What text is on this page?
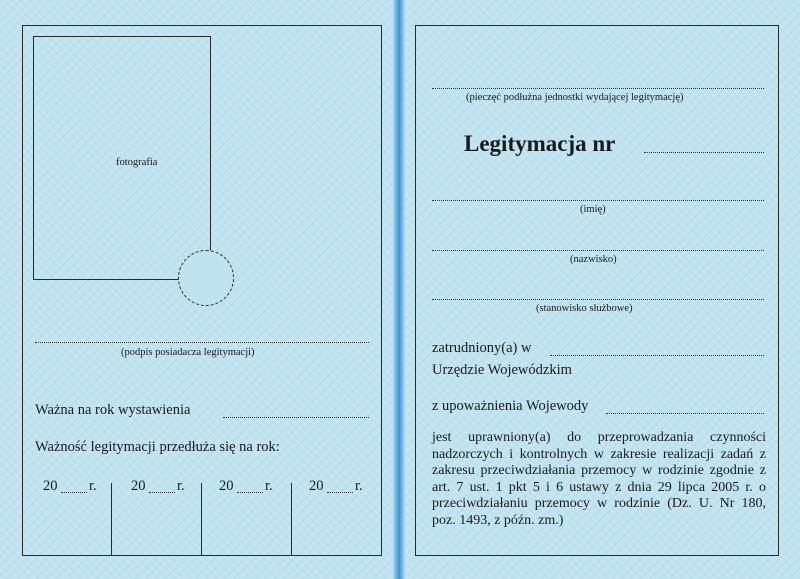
fotografia
(podpis posiadacza legitymacji)
Ważna na rok wystawienia
Ważność legitymacji przedłuża się na rok:
20 r. 20 r. 20 r.	20 r.
(pieczęć podłużna jednostki wydającej legitymację)
Legitymacja nr
(imię)
(nazwisko)
(stanowisko służbowe)
zatrudniony(a) w
Urzędzie Wojewódzkim
z upoważnienia Wojewody
jest uprawniony(a) do przeprowadzania czynności nadzorczych i kontrolnych w zakresie realizacji zadań z zakresu przeciwdziałania przemocy w rodzinie zgodnie z art. 7 ust. 1 pkt 5 i 6 ustawy z dnia 29 lipca 2005 r. o przeciwdziałaniu przemocy w rodzinie (Dz. U. Nr 180, poz. 1493, z późn. zm.)
